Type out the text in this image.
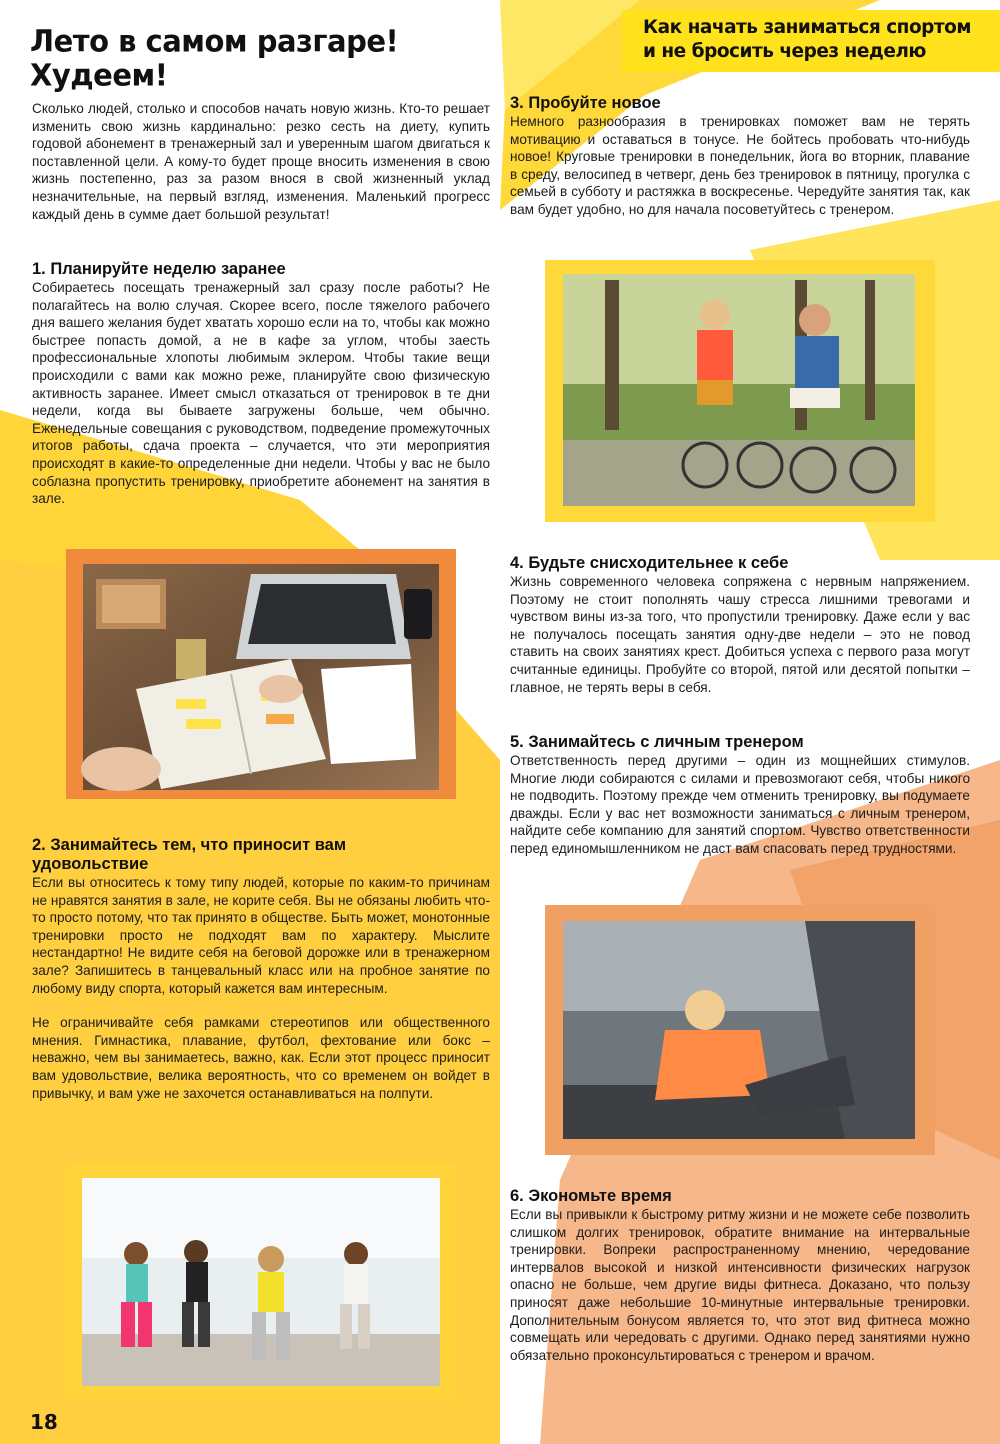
Лето в самом разгаре!
Худеем!
Как начать заниматься спортом
и не бросить через неделю

Сколько людей, столько и способов начать новую жизнь. Кто-то решает изменить свою жизнь кардинально: резко сесть на диету, купить годовой абонемент в тренажерный зал и уверенным шагом двигаться к поставленной цели. А кому-то будет проще вносить изменения в свою жизнь постепенно, раз за разом внося в свой жизненный уклад незначительные, на первый взгляд, изменения. Маленький прогресс каждый день в сумме дает большой результат!

1. Планируйте неделю заранее

Собираетесь посещать тренажерный зал сразу после работы? Не полагайтесь на волю случая. Скорее всего, после тяжелого рабочего дня вашего желания будет хватать хорошо если на то, чтобы как можно быстрее попасть домой, а не в кафе за углом, чтобы заесть профессиональные хлопоты любимым эклером. Чтобы такие вещи происходили с вами как можно реже, планируйте свою физическую активность заранее. Имеет смысл отказаться от тренировок в те дни недели, когда вы бываете загружены больше, чем обычно. Еженедельные совещания с руководством, подведение промежуточных итогов работы, сдача проекта – случается, что эти мероприятия происходят в какие-то определенные дни недели. Чтобы у вас не было соблазна пропустить тренировку, приобретите абонемент на занятия в зале.

2. Занимайтесь тем, что приносит вам удовольствие

Если вы относитесь к тому типу людей, которые по каким-то причинам не нравятся занятия в зале, не корите себя. Вы не обязаны любить что-то просто потому, что так принято в обществе. Быть может, монотонные тренировки просто не подходят вам по характеру. Мыслите нестандартно! Не видите себя на беговой дорожке или в тренажерном зале? Запишитесь в танцевальный класс или на пробное занятие по любому виду спорта, который кажется вам интересным.

Не ограничивайте себя рамками стереотипов или общественного мнения. Гимнастика, плавание, футбол, фехтование или бокс – неважно, чем вы занимаетесь, важно, как. Если этот процесс приносит вам удовольствие, велика вероятность, что со временем он войдет в привычку, и вам уже не захочется останавливаться на полпути.

3. Пробуйте новое

Немного разнообразия в тренировках поможет вам не терять мотивацию и оставаться в тонусе. Не бойтесь пробовать что-нибудь новое! Круговые тренировки в понедельник, йога во вторник, плавание в среду, велосипед в четверг, день без тренировок в пятницу, прогулка с семьей в субботу и растяжка в воскресенье. Чередуйте занятия так, как вам будет удобно, но для начала посоветуйтесь с тренером.

4. Будьте снисходительнее к себе

Жизнь современного человека сопряжена с нервным напряжением. Поэтому не стоит пополнять чашу стресса лишними тревогами и чувством вины из-за того, что пропустили тренировку. Даже если у вас не получалось посещать занятия одну-две недели – это не повод ставить на своих занятиях крест. Добиться успеха с первого раза могут считанные единицы. Пробуйте со второй, пятой или десятой попытки – главное, не терять веры в себя.

5. Занимайтесь с личным тренером

Ответственность перед другими – один из мощнейших стимулов. Многие люди собираются с силами и превозмогают себя, чтобы никого не подводить. Поэтому прежде чем отменить тренировку, вы подумаете дважды. Если у вас нет возможности заниматься с личным тренером, найдите себе компанию для занятий спортом. Чувство ответственности перед единомышленником не даст вам спасовать перед трудностями.

6. Экономьте время

Если вы привыкли к быстрому ритму жизни и не можете себе позволить слишком долгих тренировок, обратите внимание на интервальные тренировки. Вопреки распространенному мнению, чередование интервалов высокой и низкой интенсивности физических нагрузок опасно не больше, чем другие виды фитнеса. Доказано, что пользу приносят даже небольшие 10-минутные интервальные тренировки. Дополнительным бонусом является то, что этот вид фитнеса можно совмещать или чередовать с другими. Однако перед занятиями нужно обязательно проконсультироваться с тренером и врачом.

18
